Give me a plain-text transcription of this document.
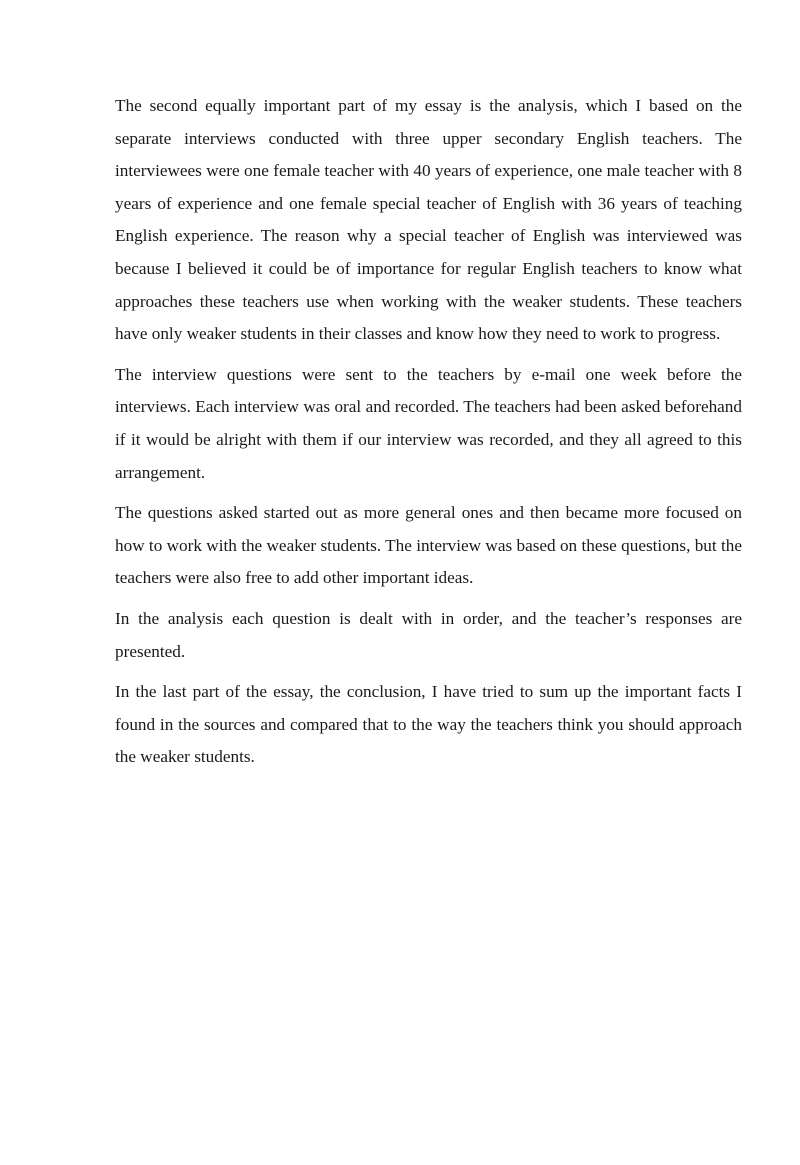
The second equally important part of my essay is the analysis, which I based on the separate interviews conducted with three upper secondary English teachers. The interviewees were one female teacher with 40 years of experience, one male teacher with 8 years of experience and one female special teacher of English with 36 years of teaching English experience. The reason why a special teacher of English was interviewed was because I believed it could be of importance for regular English teachers to know what approaches these teachers use when working with the weaker students. These teachers have only weaker students in their classes and know how they need to work to progress.

The interview questions were sent to the teachers by e-mail one week before the interviews. Each interview was oral and recorded. The teachers had been asked beforehand if it would be alright with them if our interview was recorded, and they all agreed to this arrangement.

The questions asked started out as more general ones and then became more focused on how to work with the weaker students. The interview was based on these questions, but the teachers were also free to add other important ideas.

In the analysis each question is dealt with in order, and the teacher’s responses are presented.

In the last part of the essay, the conclusion, I have tried to sum up the important facts I found in the sources and compared that to the way the teachers think you should approach the weaker students.
